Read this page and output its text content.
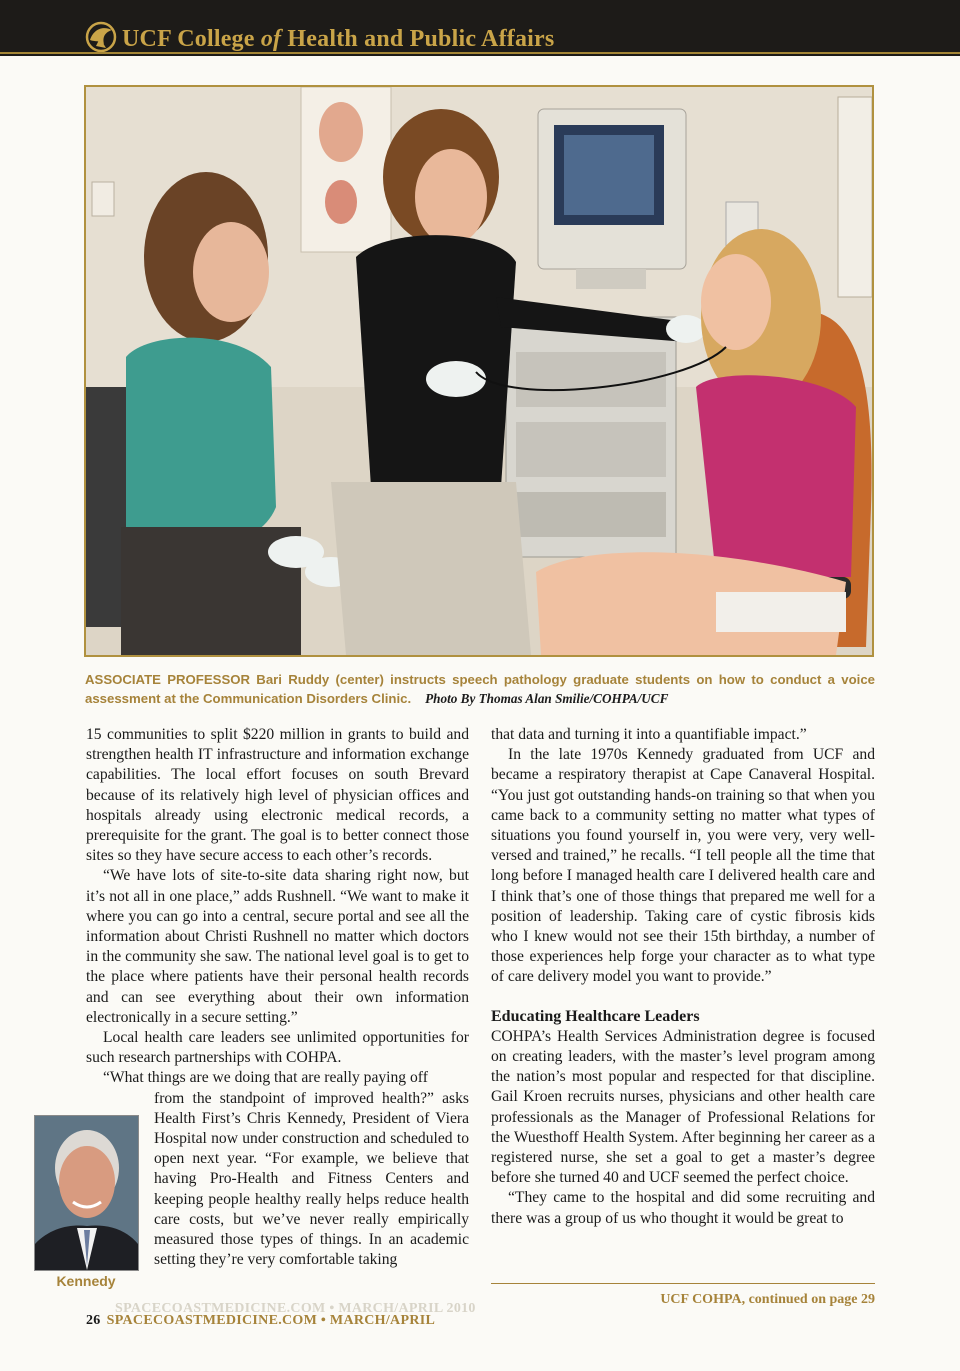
UCF College of Health and Public Affairs
ASSOCIATE PROFESSOR Bari Ruddy (center) instructs speech pathology graduate students on how to conduct a voice assessment at the Communication Disorders Clinic. Photo By Thomas Alan Smilie/COHPA/UCF

15 communities to split $220 million in grants to build and strengthen health IT infrastructure and information exchange capabilities. The local effort focuses on south Brevard because of its relatively high level of physician offices and hospitals already using electronic medical records, a prerequisite for the grant. The goal is to better connect those sites so they have secure access to each other’s records.

“We have lots of site-to-site data sharing right now, but it’s not all in one place,” adds Rushnell. “We want to make it where you can go into a central, secure portal and see all the information about Christi Rushnell no matter which doctors in the community she saw. The national level goal is to get to the place where patients have their personal health records and can see everything about their own information electronically in a secure setting.”

Local health care leaders see unlimited opportunities for such research partnerships with COHPA.

“What things are we doing that are really paying off

from the standpoint of improved health?” asks Health First’s Chris Kennedy, President of Viera Hospital now under construction and scheduled to open next year. “For example, we believe that having Pro-Health and Fitness Centers and keeping people healthy really helps reduce health care costs, but we’ve never really empirically measured those types of things. In an academic setting they’re very comfortable taking

Kennedy

that data and turning it into a quantifiable impact.”

In the late 1970s Kennedy graduated from UCF and became a respiratory therapist at Cape Canaveral Hospital. “You just got outstanding hands-on training so that when you came back to a community setting no matter what types of situations you found yourself in, you were very, very well-versed and trained,” he recalls. “I tell people all the time that long before I managed health care I delivered health care and I think that’s one of those things that prepared me well for a position of leadership. Taking care of cystic fibrosis kids who I knew would not see their 15th birthday, a number of those experiences help forge your character as to what type of care delivery model you want to provide.”

Educating Healthcare Leaders

COHPA’s Health Services Administration degree is focused on creating leaders, with the master’s level program among the nation’s most popular and respected for that discipline. Gail Kroen recruits nurses, physicians and other health care professionals as the Manager of Professional Relations for the Wuesthoff Health System. After beginning her career as a registered nurse, she set a goal to get a master’s degree before she turned 40 and UCF seemed the perfect choice.

“They came to the hospital and did some recruiting and there was a group of us who thought it would be great to

UCF COHPA, continued on page 29
SPACECOASTMEDICINE.COM • MARCH/APRIL 2010
26 SPACECOASTMEDICINE.COM • MARCH/APRIL
